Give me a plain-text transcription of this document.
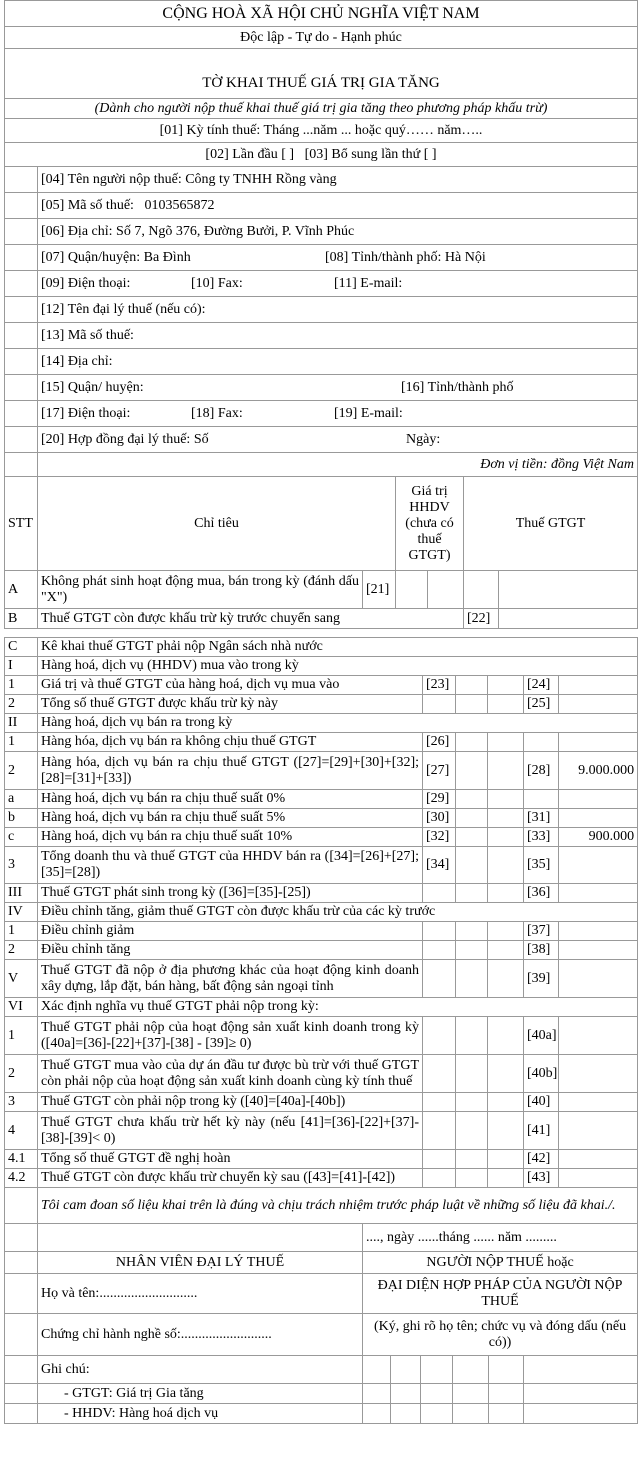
CỘNG HOÀ XÃ HỘI CHỦ NGHĨA VIỆT NAM						
Độc lập - Tự do - Hạnh phúc						
TỜ KHAI THUẾ GIÁ TRỊ GIA TĂNG						
(Dành cho người nộp thuế khai thuế giá trị gia tăng theo phương pháp khấu trừ)						
[01] Kỳ tính thuế: Tháng ...năm ... hoặc quý…… năm…..						
[02] Lần đầu [ ] [03] Bổ sung lần thứ [ ]						
	[04] Tên người nộp thuế: Công ty TNHH Rồng vàng					
	[05] Mã số thuế: 0103565872					
	[06] Địa chỉ: Số 7, Ngõ 376, Đường Bưởi, P. Vĩnh Phúc					
	[07] Quận/huyện: Ba Đình [08] Tỉnh/thành phố: Hà Nội					
	[09] Điện thoại: [10] Fax: [11] E-mail:					
	[12] Tên đại lý thuế (nếu có):					
	[13] Mã số thuế:					
	[14] Địa chỉ:					
	[15] Quận/ huyện: [16] Tỉnh/thành phố					
	[17] Điện thoại: [18] Fax: [19] E-mail:					
	[20] Hợp đồng đại lý thuế: Số Ngày:					
	Đơn vị tiền: đồng Việt Nam					
STT	Chỉ tiêu		Giá trị HHDV (chưa có thuế GTGT)		Thuế GTGT	
A	Không phát sinh hoạt động mua, bán trong kỳ (đánh dấu "X")	[21]				
B	Thuế GTGT còn được khấu trừ kỳ trước chuyển sang				[22]	
C	Kê khai thuế GTGT phải nộp Ngân sách nhà nước					
I	Hàng hoá, dịch vụ (HHDV) mua vào trong kỳ					
1	Giá trị và thuế GTGT của hàng hoá, dịch vụ mua vào	[23]			[24]	
2	Tổng số thuế GTGT được khấu trừ kỳ này				[25]	
II	Hàng hoá, dịch vụ bán ra trong kỳ					
1	Hàng hóa, dịch vụ bán ra không chịu thuế GTGT	[26]				
2	Hàng hóa, dịch vụ bán ra chịu thuế GTGT ([27]=[29]+[30]+[32]; [28]=[31]+[33])	[27]			[28]	9.000.000
a	Hàng hoá, dịch vụ bán ra chịu thuế suất 0%	[29]				
b	Hàng hoá, dịch vụ bán ra chịu thuế suất 5%	[30]			[31]	
c	Hàng hoá, dịch vụ bán ra chịu thuế suất 10%	[32]			[33]	900.000
3	Tổng doanh thu và thuế GTGT của HHDV bán ra ([34]=[26]+[27]; [35]=[28])	[34]			[35]	
III	Thuế GTGT phát sinh trong kỳ ([36]=[35]-[25])				[36]	
IV	Điều chỉnh tăng, giảm thuế GTGT còn được khấu trừ của các kỳ trước					
1	Điều chỉnh giảm				[37]	
2	Điều chỉnh tăng				[38]	
V	Thuế GTGT đã nộp ở địa phương khác của hoạt động kinh doanh xây dựng, lắp đặt, bán hàng, bất động sản ngoại tỉnh				[39]	
VI	Xác định nghĩa vụ thuế GTGT phải nộp trong kỳ:					
1	Thuế GTGT phải nộp của hoạt động sản xuất kinh doanh trong kỳ ([40a]=[36]-[22]+[37]-[38] - [39]≥ 0)				[40a]	
2	Thuế GTGT mua vào của dự án đầu tư được bù trừ với thuế GTGT còn phải nộp của hoạt động sản xuất kinh doanh cùng kỳ tính thuế				[40b]	
3	Thuế GTGT còn phải nộp trong kỳ ([40]=[40a]-[40b])				[40]	
4	Thuế GTGT chưa khấu trừ hết kỳ này (nếu [41]=[36]-[22]+[37]-[38]-[39]< 0)				[41]	
4.1	Tổng số thuế GTGT đề nghị hoàn				[42]	
4.2	Thuế GTGT còn được khấu trừ chuyển kỳ sau ([43]=[41]-[42])				[43]	
	Tôi cam đoan số liệu khai trên là đúng và chịu trách nhiệm trước pháp luật về những số liệu đã khai./.						
		...., ngày ......tháng ...... năm .........					
	NHÂN VIÊN ĐẠI LÝ THUẾ	NGƯỜI NỘP THUẾ hoặc					
	Họ và tên:............................	ĐẠI DIỆN HỢP PHÁP CỦA NGƯỜI NỘP THUẾ					
	Chứng chỉ hành nghề số:..........................	(Ký, ghi rõ họ tên; chức vụ và đóng dấu (nếu có))					
	Ghi chú:						
	- GTGT: Giá trị Gia tăng						
	- HHDV: Hàng hoá dịch vụ						
